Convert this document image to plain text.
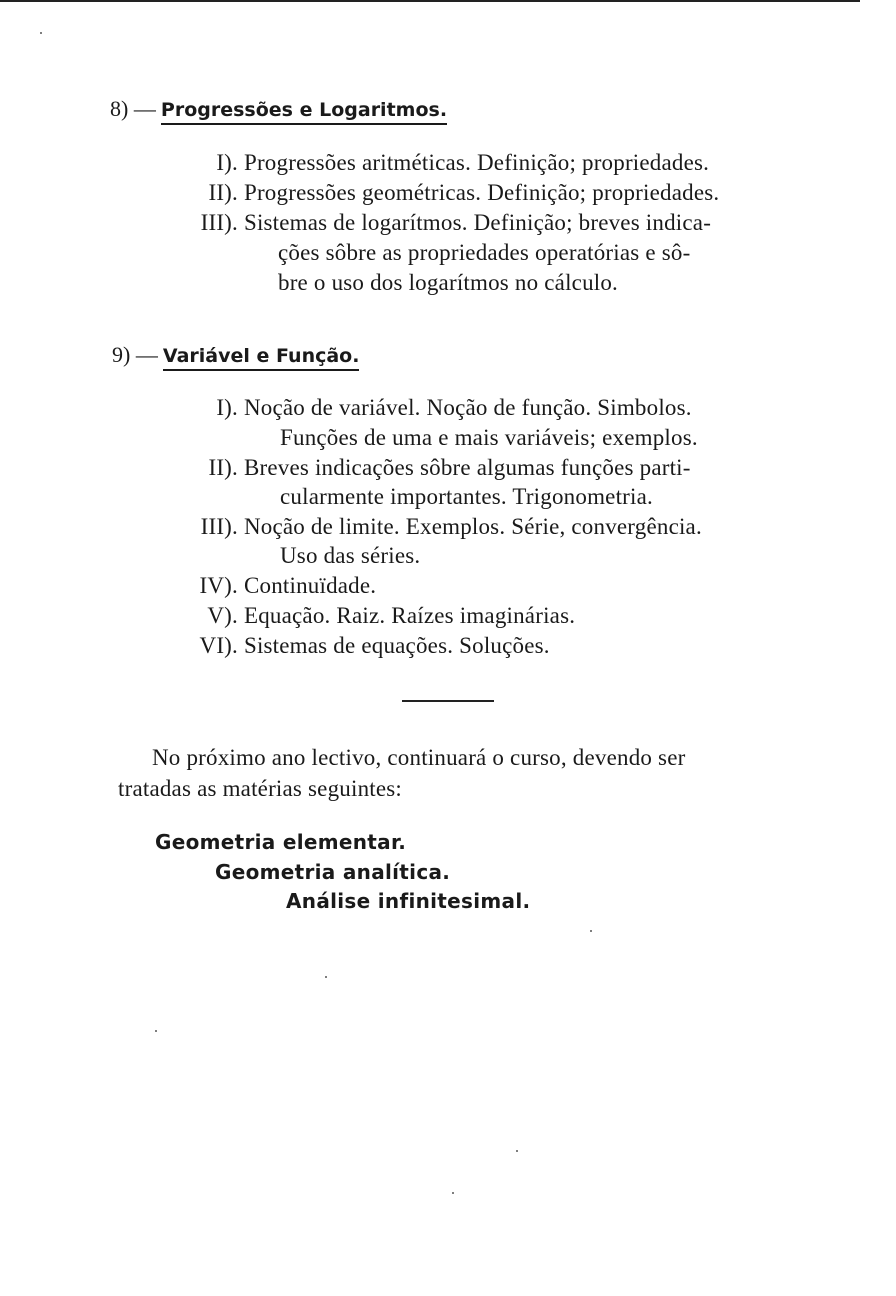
8) — Progressões e Logaritmos.
I). Progressões aritméticas. Definição; propriedades.
II). Progressões geométricas. Definição; propriedades.
III). Sistemas de logarítmos. Definição; breves indica-
ções sôbre as propriedades operatórias e sô-
bre o uso dos logarítmos no cálculo.
9) — Variável e Função.
I). Noção de variável. Noção de função. Simbolos.
Funções de uma e mais variáveis; exemplos.
II). Breves indicações sôbre algumas funções parti-
cularmente importantes. Trigonometria.
III). Noção de limite. Exemplos. Série, convergência.
Uso das séries.
IV). Continuïdade.
V). Equação. Raiz. Raízes imaginárias.
VI). Sistemas de equações. Soluções.
No próximo ano lectivo, continuará o curso, devendo ser
tratadas as matérias seguintes:
Geometria elementar.
Geometria analítica.
Análise infinitesimal.
